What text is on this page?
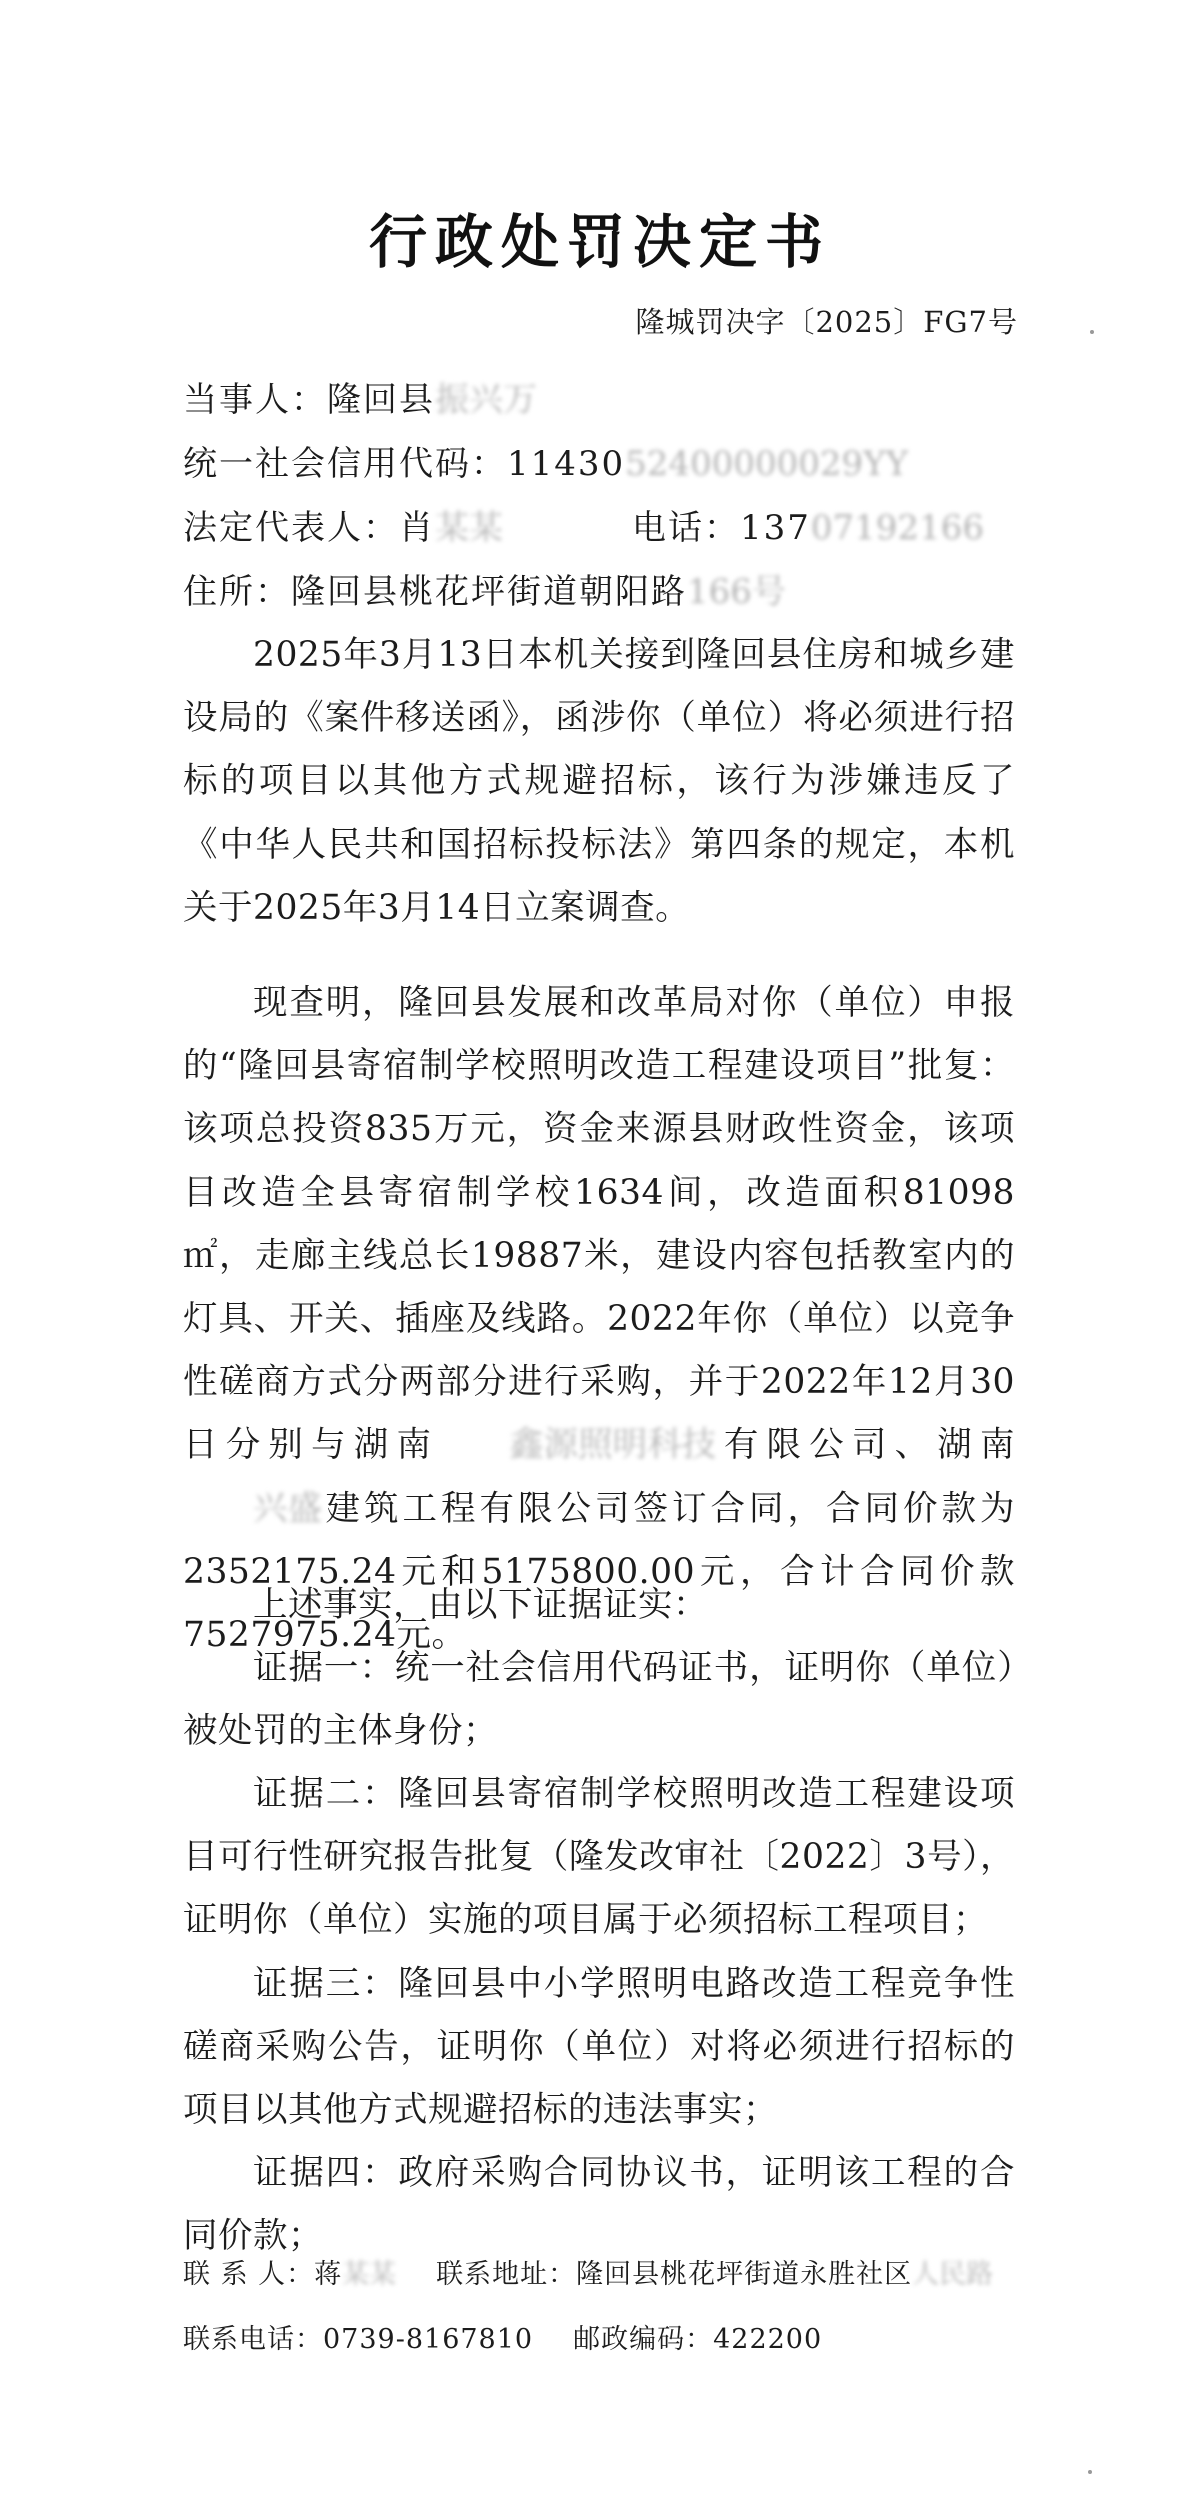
行政处罚决定书
隆城罚决字〔2025〕FG7号
当事人：隆回县振兴万
统一社会信用代码：1143052400000029YY
法定代表人：肖某某	电话：13707192166
住所：隆回县桃花坪街道朝阳路166号
2025年3月13日本机关接到隆回县住房和城乡建设局的《案件移送函》，函涉你（单位）将必须进行招标的项目以其他方式规避招标，该行为涉嫌违反了《中华人民共和国招标投标法》第四条的规定，本机关于2025年3月14日立案调查。
现查明，隆回县发展和改革局对你（单位）申报的“隆回县寄宿制学校照明改造工程建设项目”批复：该项总投资835万元，资金来源县财政性资金，该项目改造全县寄宿制学校1634间，改造面积81098㎡，走廊主线总长19887米，建设内容包括教室内的灯具、开关、插座及线路。2022年你（单位）以竞争性磋商方式分两部分进行采购，并于2022年12月30日分别与湖南 鑫源照明科技有限公司、湖南兴盛建筑工程有限公司签订合同，合同价款为2352175.24元和5175800.00元，合计合同价款7527975.24元。
上述事实，由以下证据证实：
证据一：统一社会信用代码证书，证明你（单位）被处罚的主体身份；
证据二：隆回县寄宿制学校照明改造工程建设项目可行性研究报告批复（隆发改审社〔2022〕3号），证明你（单位）实施的项目属于必须招标工程项目；
证据三：隆回县中小学照明电路改造工程竞争性磋商采购公告，证明你（单位）对将必须进行招标的项目以其他方式规避招标的违法事实；
证据四：政府采购合同协议书，证明该工程的合同价款；
联 系 人：蒋某某 联系地址：隆回县桃花坪街道永胜社区人民路
联系电话：0739-8167810 邮政编码：422200
